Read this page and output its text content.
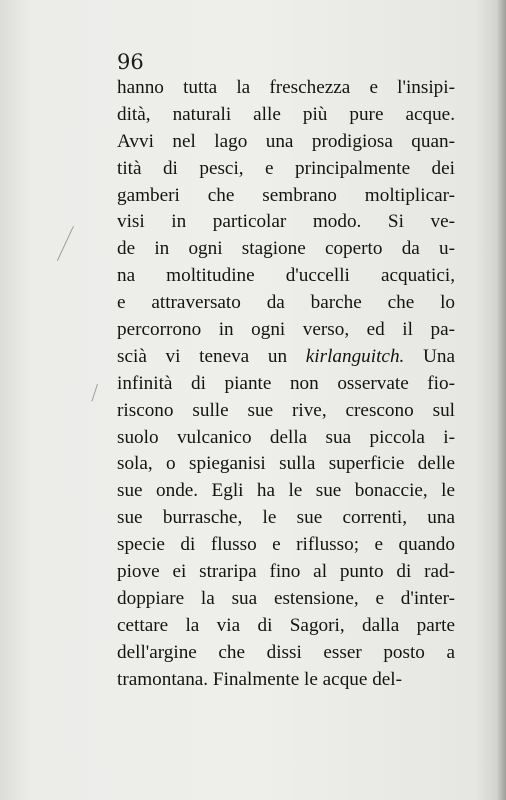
96
hanno tutta la freschezza e l'insipi-
dità, naturali alle più pure acque.
Avvi nel lago una prodigiosa quan-
tità di pesci, e principalmente dei
gamberi che sembrano moltiplicar-
visi in particolar modo. Si ve-
de in ogni stagione coperto da u-
na moltitudine d'uccelli acquatici,
e attraversato da barche che lo
percorrono in ogni verso, ed il pa-
scià vi teneva un kirlanguitch. Una
infinità di piante non osservate fio-
riscono sulle sue rive, crescono sul
suolo vulcanico della sua piccola i-
sola, o spieganisi sulla superficie delle
sue onde. Egli ha le sue bonaccie, le
sue burrasche, le sue correnti, una
specie di flusso e riflusso; e quando
piove ei straripa fino al punto di rad-
doppiare la sua estensione, e d'inter-
cettare la via di Sagori, dalla parte
dell'argine che dissi esser posto a
tramontana. Finalmente le acque del-
